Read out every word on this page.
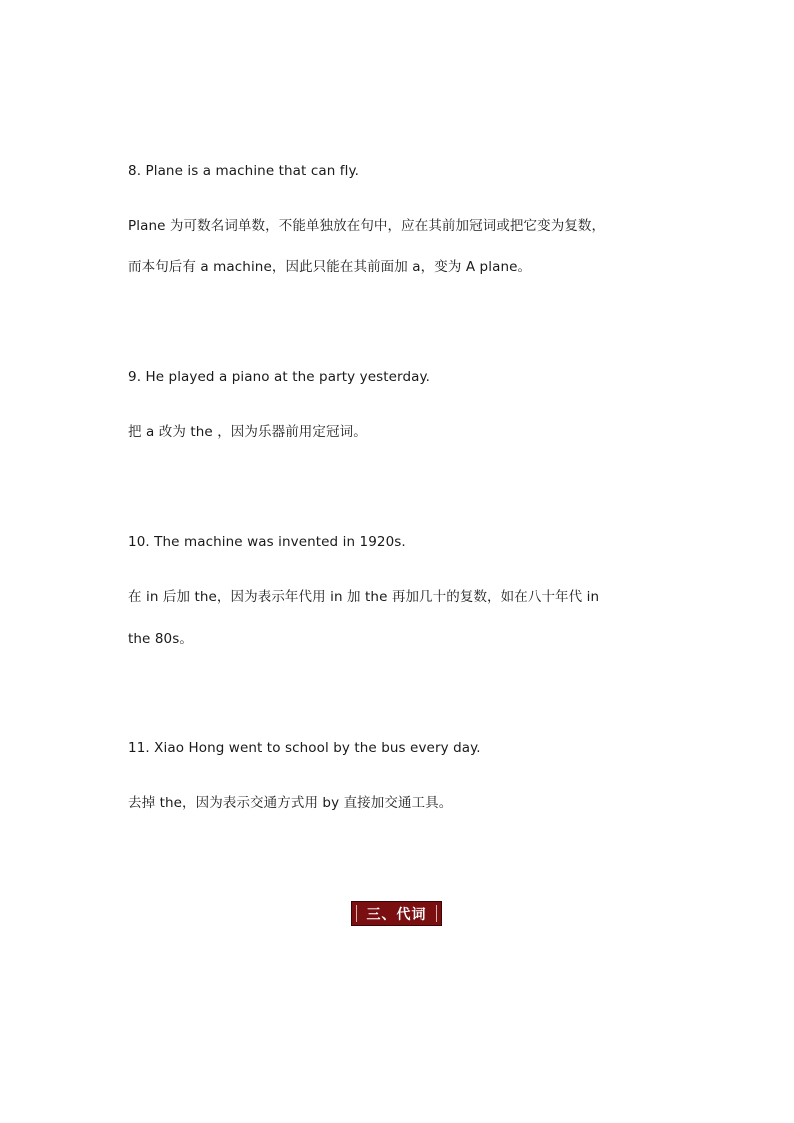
8. Plane is a machine that can fly.
Plane 为可数名词单数，不能单独放在句中，应在其前加冠词或把它变为复数，
而本句后有 a machine，因此只能在其前面加 a，变为 A plane。
9. He played a piano at the party yesterday.
把 a 改为 the ，因为乐器前用定冠词。
10. The machine was invented in 1920s.
在 in 后加 the，因为表示年代用 in 加 the 再加几十的复数，如在八十年代 in
the 80s。
11. Xiao Hong went to school by the bus every day.
去掉 the，因为表示交通方式用 by 直接加交通工具。
三、代词
